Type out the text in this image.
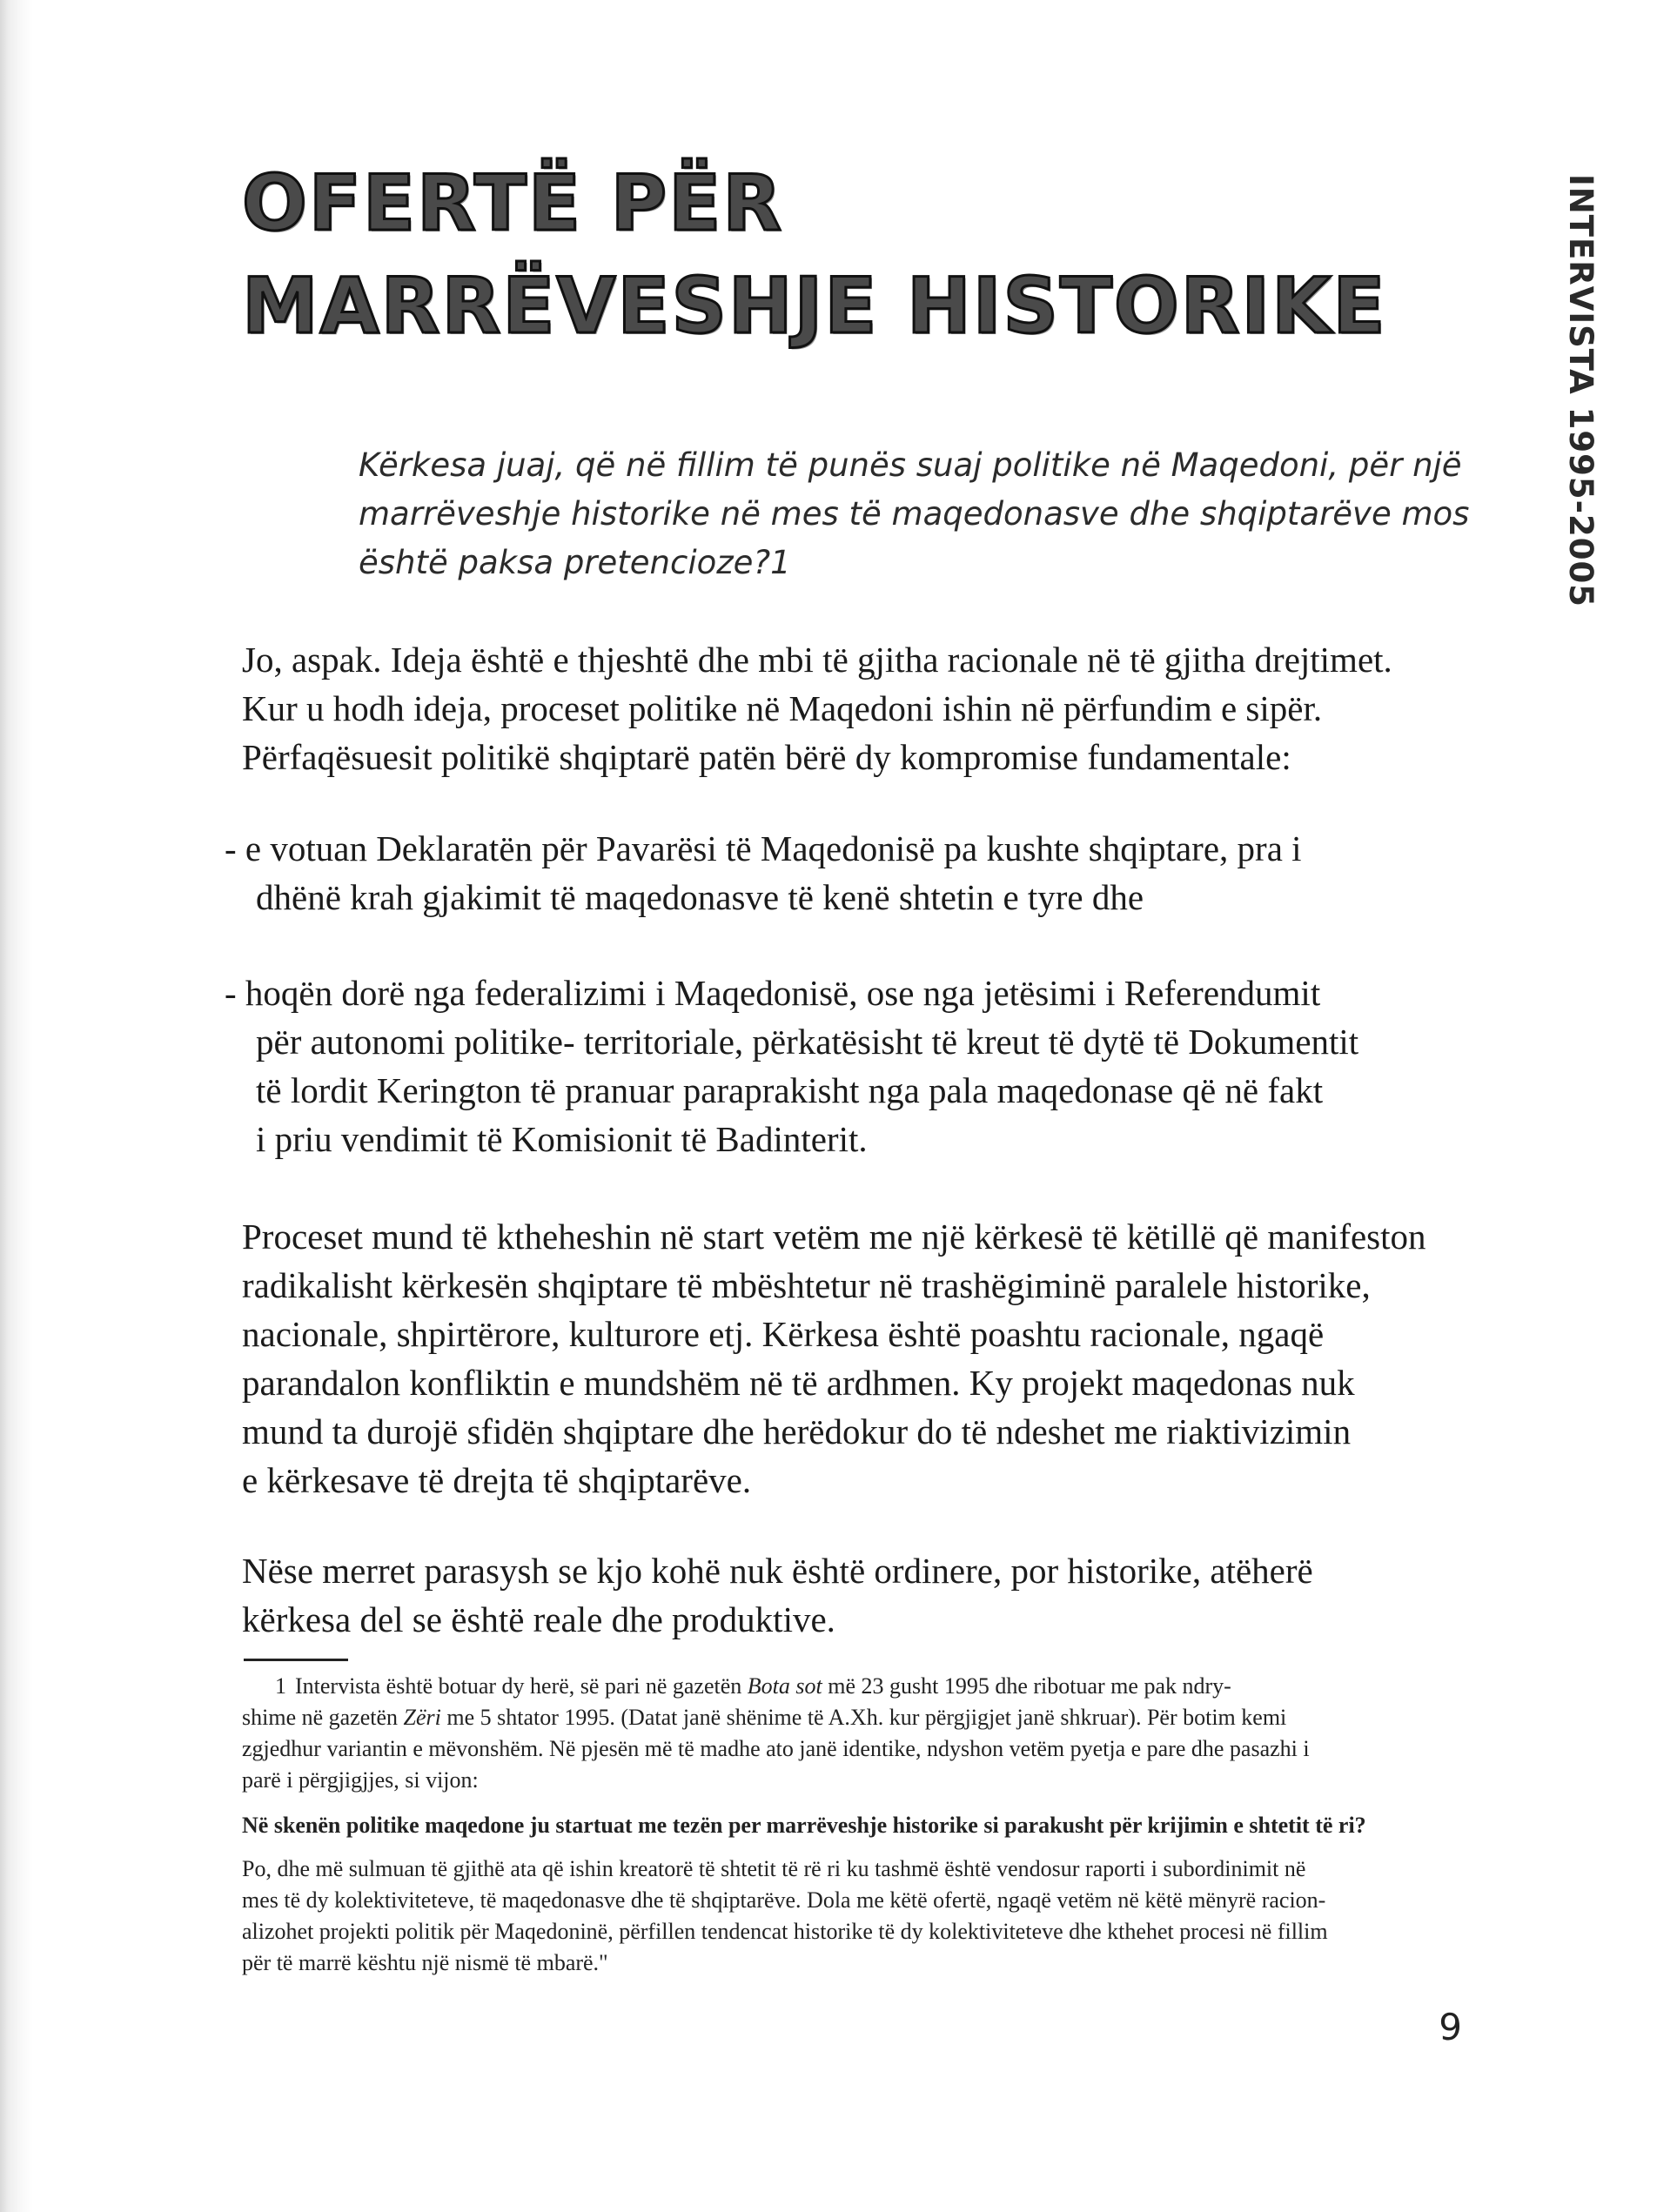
INTERVISTA 1995-2005
OFERTË PËR
MARRËVESHJE HISTORIKE
Kërkesa juaj, që në fillim të punës suaj politike në Maqedoni, për një
marrëveshje historike në mes të maqedonasve dhe shqiptarëve mos
është paksa pretencioze?1
Jo, aspak. Ideja është e thjeshtë dhe mbi të gjitha racionale në të gjitha drejtimet.
Kur u hodh ideja, proceset politike në Maqedoni ishin në përfundim e sipër.
Përfaqësuesit politikë shqiptarë patën bërë dy kompromise fundamentale:
- e votuan Deklaratën për Pavarësi të Maqedonisë pa kushte shqiptare, pra i
dhënë krah gjakimit të maqedonasve të kenë shtetin e tyre dhe
- hoqën dorë nga federalizimi i Maqedonisë, ose nga jetësimi i Referendumit
për autonomi politike- territoriale, përkatësisht të kreut të dytë të Dokumentit
të lordit Kerington të pranuar paraprakisht nga pala maqedonase që në fakt
i priu vendimit të Komisionit të Badinterit.
Proceset mund të ktheheshin në start vetëm me një kërkesë të këtillë që manifeston
radikalisht kërkesën shqiptare të mbështetur në trashëgiminë paralele historike,
nacionale, shpirtërore, kulturore etj. Kërkesa është poashtu racionale, ngaqë
parandalon konfliktin e mundshëm në të ardhmen. Ky projekt maqedonas nuk
mund ta durojë sfidën shqiptare dhe herëdokur do të ndeshet me riaktivizimin
e kërkesave të drejta të shqiptarëve.
Nëse merret parasysh se kjo kohë nuk është ordinere, por historike, atëherë
kërkesa del se është reale dhe produktive.
1 Intervista është botuar dy herë, së pari në gazetën Bota sot më 23 gusht 1995 dhe ribotuar me pak ndry-
shime në gazetën Zëri me 5 shtator 1995. (Datat janë shënime të A.Xh. kur përgjigjet janë shkruar). Për botim kemi
zgjedhur variantin e mëvonshëm. Në pjesën më të madhe ato janë identike, ndyshon vetëm pyetja e pare dhe pasazhi i
parë i përgjigjjes, si vijon:
Në skenën politike maqedone ju startuat me tezën per marrëveshje historike si parakusht për krijimin e shtetit të ri?
Po, dhe më sulmuan të gjithë ata që ishin kreatorë të shtetit të rë ri ku tashmë është vendosur raporti i subordinimit në
mes të dy kolektiviteteve, të maqedonasve dhe të shqiptarëve. Dola me këtë ofertë, ngaqë vetëm në këtë mënyrë racion-
alizohet projekti politik për Maqedoninë, përfillen tendencat historike të dy kolektiviteteve dhe kthehet procesi në fillim
për të marrë kështu një nismë të mbarë."
9
